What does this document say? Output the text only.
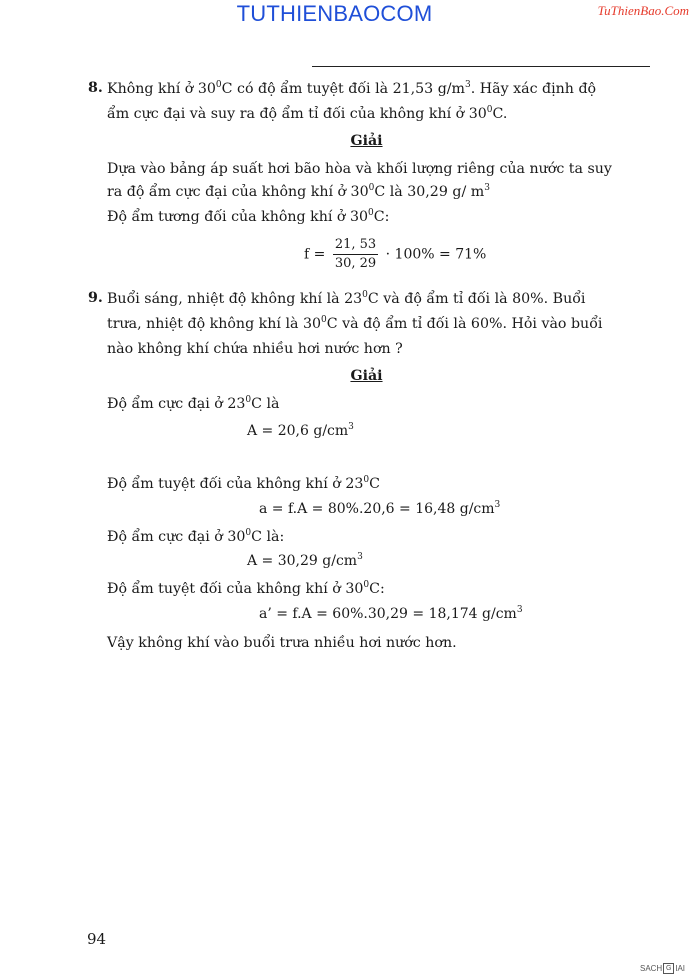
TUTHIENBAOCOM	TuThienBao.Com
8. Không khí ở $30^0C$ có độ ẩm tuyệt đối là 21,53 $g/m^3$. Hãy xác định độ

ẩm cực đại và suy ra độ ẩm tỉ đối của không khí ở $30^0C$.

Giải

Dựa vào bảng áp suất hơi bão hòa và khối lượng riêng của nước ta suy

ra độ ẩm cực đại của không khí ở $30^0C$ là 30,29 g/ $m^3$

Độ ẩm tương đối của không khí ở $30^0C$:

$f = \frac{21, 53}{30, 29} \cdot 100\% = 71\%$
9. Buổi sáng, nhiệt độ không khí là $23^0C$ và độ ẩm tỉ đối là 80%. Buổi

trưa, nhiệt độ không khí là $30^0C$ và độ ẩm tỉ đối là 60%. Hỏi vào buổi

nào không khí chứa nhiều hơi nước hơn ?

Giải

Độ ẩm cực đại ở $23^0C$ là

A = 20,6 $g/cm^3$

Độ ẩm tuyệt đối của không khí ở $23^0C$

a = f.A = 80%.20,6 = 16,48 $g/cm^3$

Độ ẩm cực đại ở $30^0C$ là:

A = 30,29 $g/cm^3$

Độ ẩm tuyệt đối của không khí ở $30^0C$:

a’ = f.A = 60%.30,29 = 18,174 $g/cm^3$

Vậy không khí vào buổi trưa nhiều hơi nước hơn.

94
SACH G IAI
